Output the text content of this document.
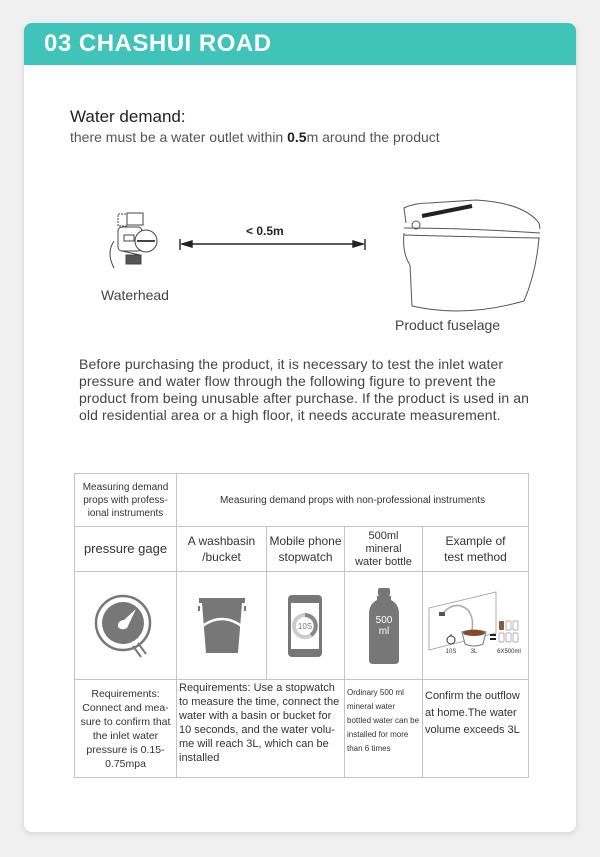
03 CHASHUI ROAD
Water demand:
there must be a water outlet within 0.5m around the product
< 0.5m
Waterhead
Product fuselage
Before purchasing the product, it is necessary to test the inlet water pressure and water flow through the following figure to prevent the product from being unusable after purchase. If the product is used in an old residential area or a high floor, it needs accurate measurement.
Measuring demand props with profess-ional instruments	Measuring demand props with non-professional instruments			
pressure gage	A washbasin /bucket	Mobile phone stopwatch	500ml mineral water bottle	Example of test method

10S	500
ml	10S 3L 6X500ml

Requirements: Connect and mea-sure to confirm that the inlet water pressure is 0.15-0.75mpa	Requirements: Use a stopwatch to measure the time, connect the water with a basin or bucket for 10 seconds, and the water volu-me will reach 3L, which can be installed		Ordinary 500 ml mineral water bottled water can be installed for more than 6 times	Confirm the outflow at home.The water volume exceeds 3L
